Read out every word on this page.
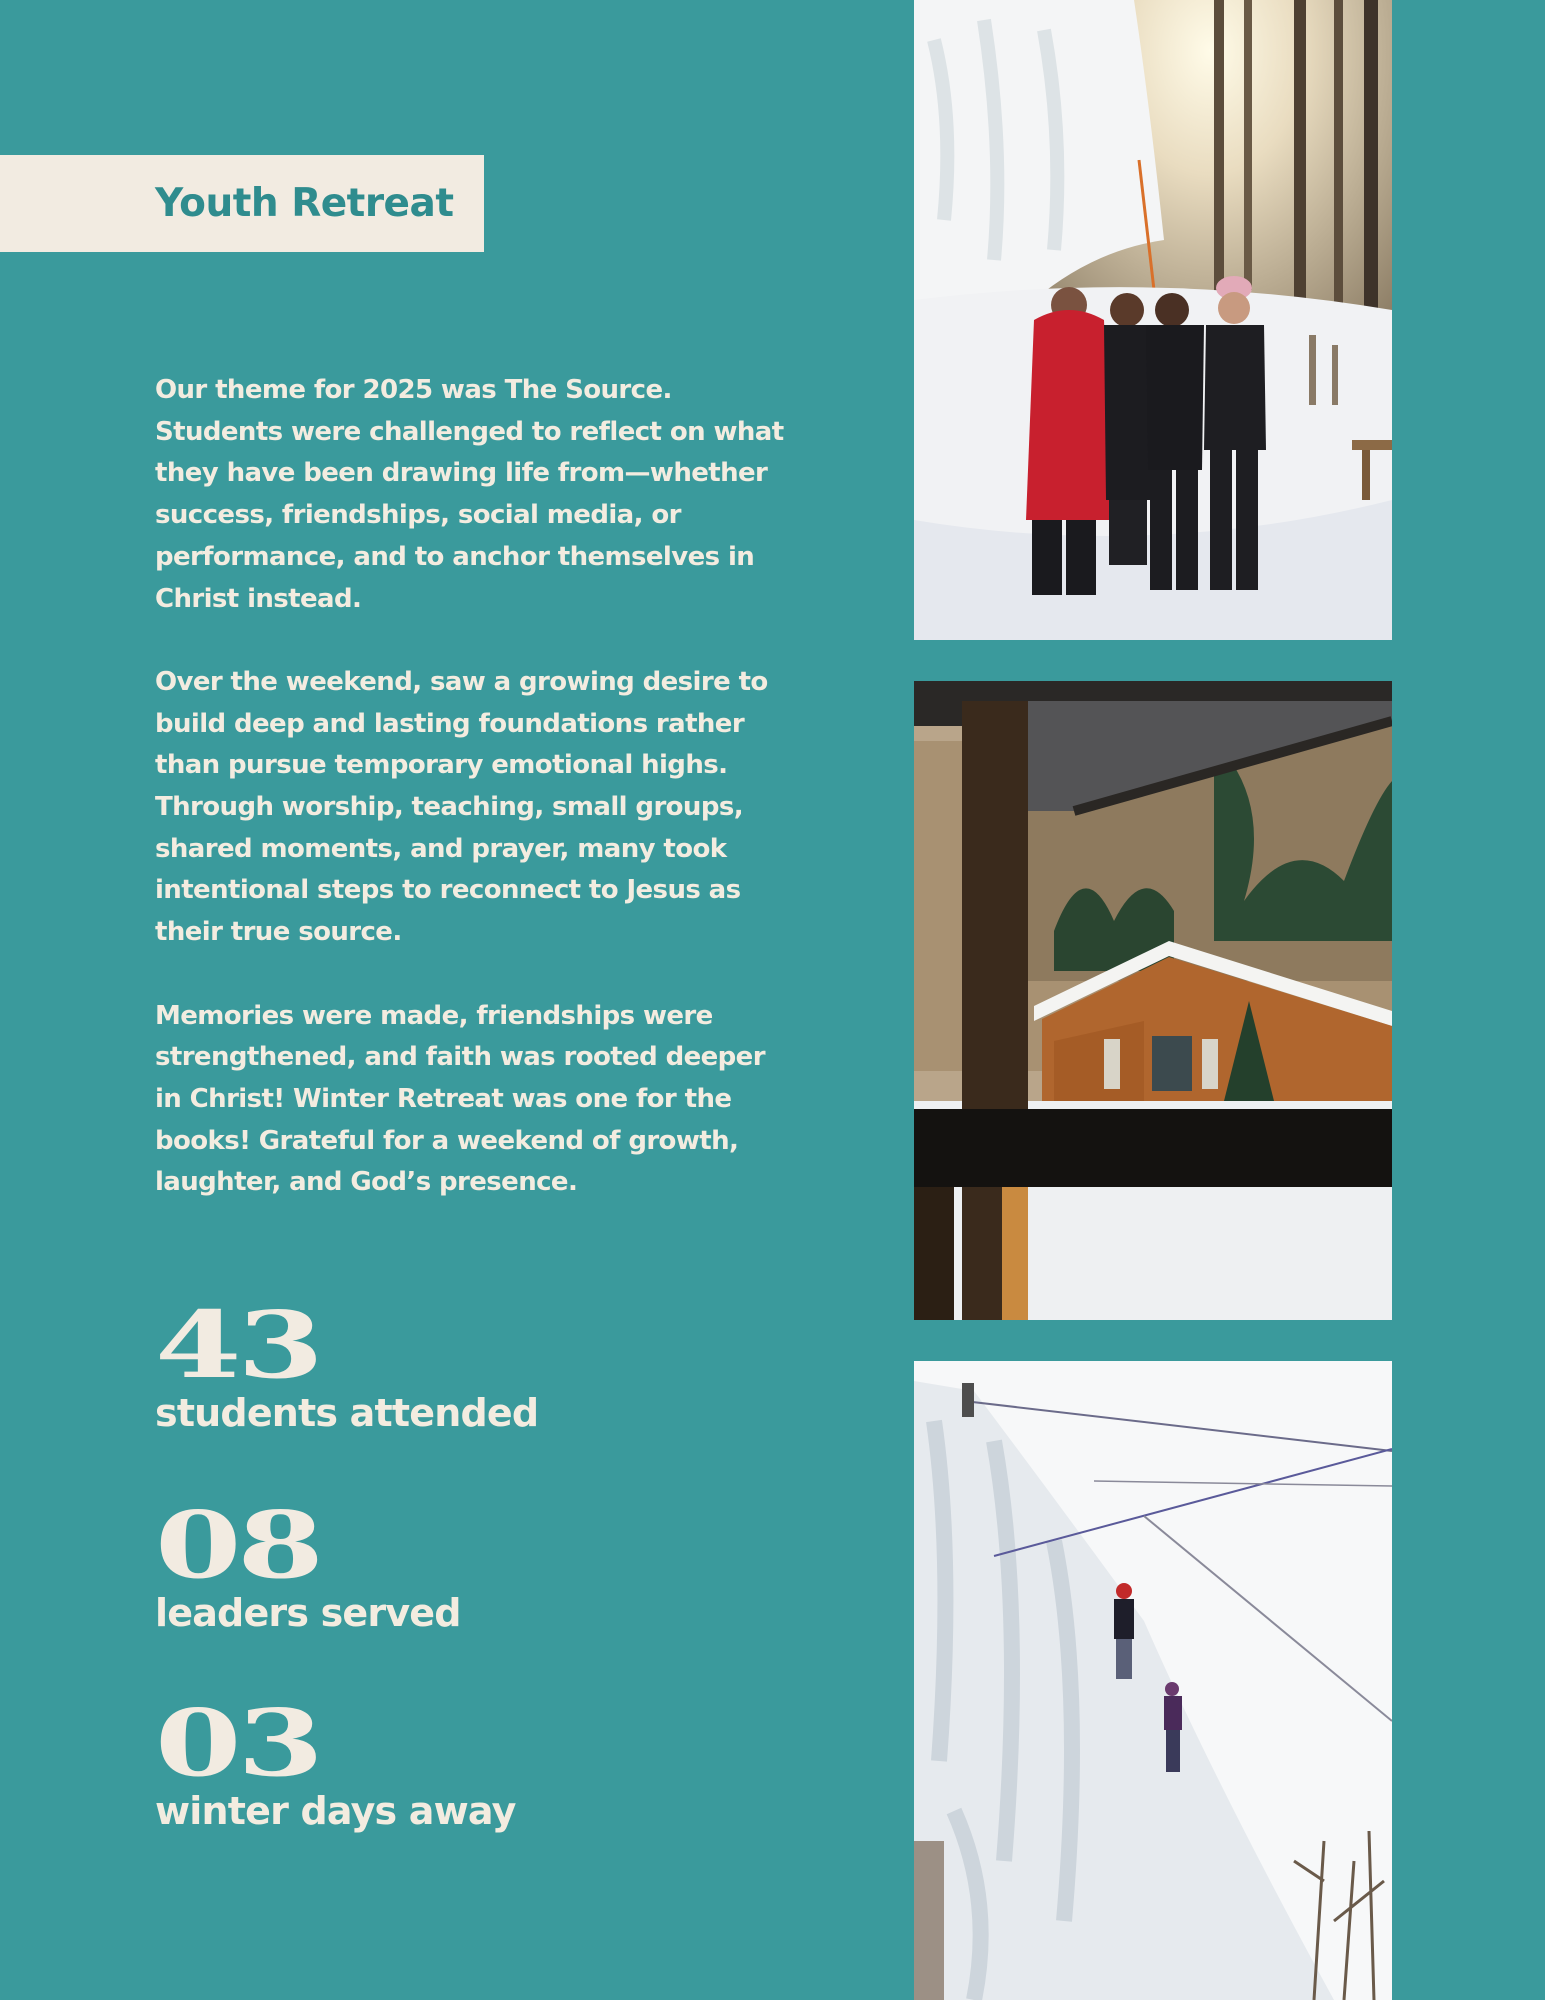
Youth Retreat

Our theme for 2025 was The Source. Students were challenged to reflect on what they have been drawing life from—whether success, friendships, social media, or performance, and to anchor themselves in Christ instead.

Over the weekend, saw a growing desire to build deep and lasting foundations rather than pursue temporary emotional highs. Through worship, teaching, small groups, shared moments, and prayer, many took intentional steps to reconnect to Jesus as their true source.

Memories were made, friendships were strengthened, and faith was rooted deeper in Christ! Winter Retreat was one for the books! Grateful for a weekend of growth, laughter, and God’s presence.

43
students attended
08
leaders served
03
winter days away
